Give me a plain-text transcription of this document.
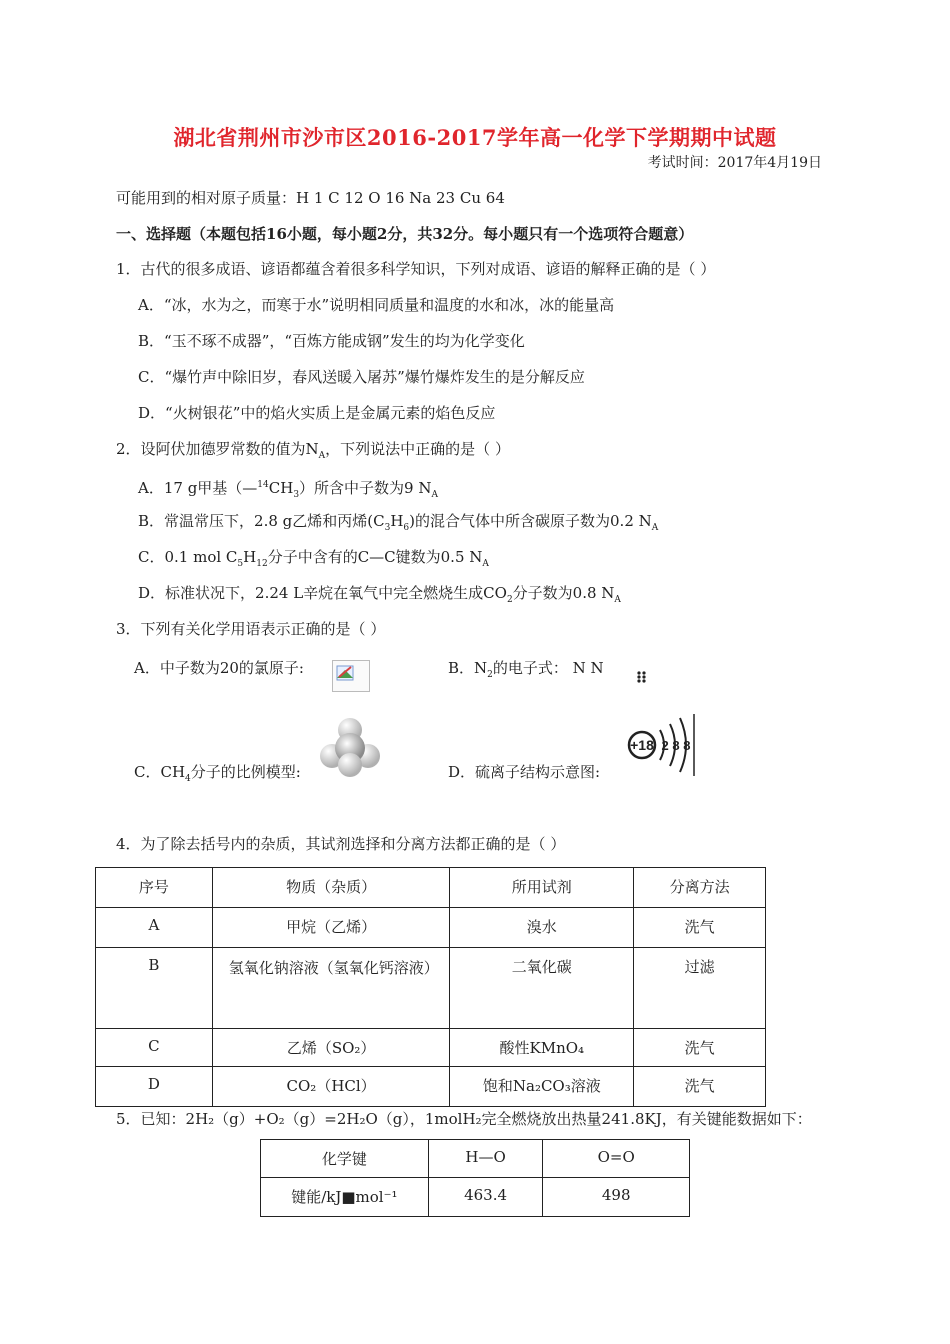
湖北省荆州市沙市区2016-2017学年高一化学下学期期中试题
考试时间：2017年4月19日
可能用到的相对原子质量：H 1 C 12 O 16 Na 23 Cu 64
一、选择题（本题包括16小题，每小题2分，共32分。每小题只有一个选项符合题意）
1．古代的很多成语、谚语都蕴含着很多科学知识，下列对成语、谚语的解释正确的是（ ）
A．“冰，水为之，而寒于水”说明相同质量和温度的水和冰，冰的能量高
B．“玉不琢不成器”，“百炼方能成钢”发生的均为化学变化
C．“爆竹声中除旧岁，春风送暖入屠苏”爆竹爆炸发生的是分解反应
D．“火树银花”中的焰火实质上是金属元素的焰色反应
2．设阿伏加德罗常数的值为$N_A$，下列说法中正确的是（ ）
A．17 g甲基$(—^{14}CH_3)$所含中子数为9 $N_A$
B．常温常压下，2.8 g乙烯和丙烯$(C_3H_6)$的混合气体中所含碳原子数为0.2 $N_A$
C．0.1 mol $C_5H_{12}$分子中含有的C—C键数为0.5 $N_A$
D．标准状况下，2.24 L辛烷在氧气中完全燃烧生成$CO_2$分子数为0.8 $N_A$
3．下列有关化学用语表示正确的是（ ）
A．中子数为20的氯原子:	B．$N_2$的电子式： N N
C．$CH_4$分子的比例模型:	D．硫离子结构示意图:
+18 2 8 8
4．为了除去括号内的杂质，其试剂选择和分离方法都正确的是（ ）
序号	物质（杂质）	所用试剂	分离方法
A	甲烷（乙烯）	溴水	洗气
B	氢氧化钠溶液（氢氧化钙溶液）	二氧化碳	过滤
C	乙烯（SO₂）	酸性KMnO₄	洗气
D	CO₂（HCl）	饱和Na₂CO₃溶液	洗气
5．已知：2H₂（g）+O₂（g）=2H₂O（g），1molH₂完全燃烧放出热量241.8KJ，有关键能数据如下：
化学键	H—O	O=O
键能/kJ■mol⁻¹	463.4	498
